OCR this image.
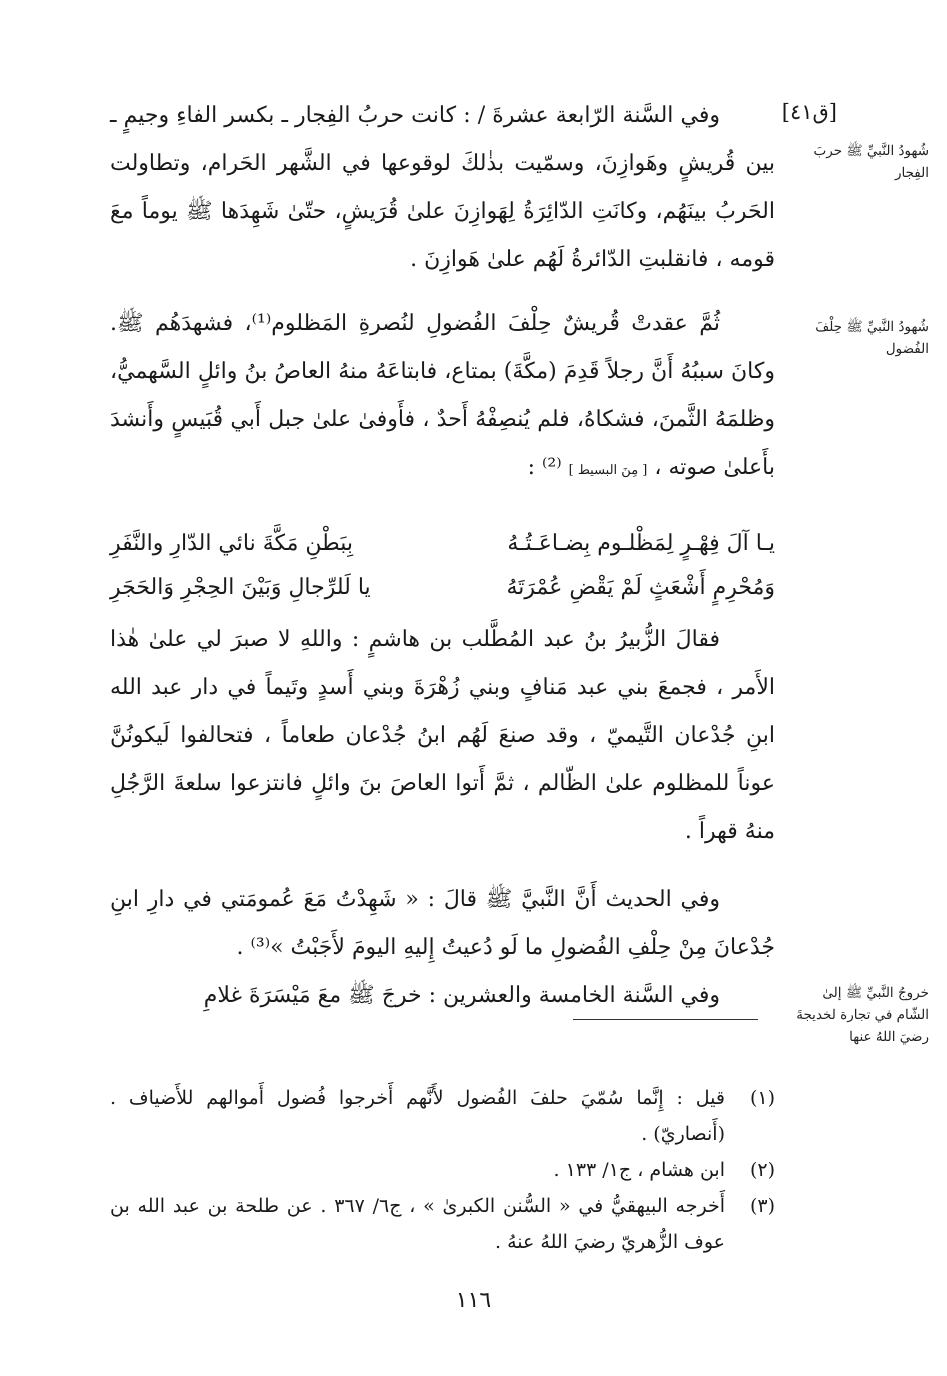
[ق٤١]
شُهودُ النَّبيِّ ﷺ حربَ الفِجار
شُهودُ النَّبيِّ ﷺ حِلْفَ الفُضول
خروجُ النَّبيِّ ﷺ إلىٰ الشّام في تجارة لخديجةَ رضيَ اللهُ عنها

وفي السَّنة الرّابعة عشرةَ / : كانت حربُ الفِجار ـ بكسر الفاءِ وجيمٍ ـ بين قُريشٍ وهَوازِنَ، وسمّيت بذٰلكَ لوقوعها في الشَّهر الحَرام، وتطاولت الحَربُ بينَهُم، وكانَتِ الدّائِرَةُ لِهَوازِنَ علىٰ قُرَيشٍ، حتّىٰ شَهِدَها ﷺ يوماً معَ قومه ، فانقلبتِ الدّائرةُ لَهُم علىٰ هَوازِنَ .

ثُمَّ عقدتْ قُريشٌ حِلْفَ الفُضولِ لنُصرةِ المَظلوم⁽¹⁾، فشهدَهُم ﷺ. وكانَ سببُهُ أَنَّ رجلاً قَدِمَ (مكَّةَ) بمتاع، فابتاعَهُ منهُ العاصُ بنُ وائلٍ السَّهميُّ، وظلمَهُ الثَّمنَ، فشكاهُ، فلم يُنصِفْهُ أَحدٌ ، فأَوفىٰ علىٰ جبل أَبي قُبَيسٍ وأَنشدَ بأَعلىٰ صوته ، [ مِنَ البسيط ] ⁽²⁾ :

يـا آلَ فِهْـرٍ لِمَظْلـوم بِضـاعَـتُـهُ
بِبَطْنِ مَكَّةَ نائي الدّارِ والنَّفَرِ
وَمُحْرِمٍ أَشْعَثٍ لَمْ يَقْضِ عُمْرَتَهُ
يا لَلرِّجالِ وَبَيْنَ الحِجْرِ وَالحَجَرِ

فقالَ الزُّبيرُ بنُ عبد المُطَّلب بن هاشمٍ : واللهِ لا صبرَ لي علىٰ هٰذا الأَمر ، فجمعَ بني عبد مَنافٍ وبني زُهْرَةَ وبني أَسدٍ وتَيماً في دار عبد الله ابنِ جُدْعان التَّيميّ ، وقد صنعَ لَهُم ابنُ جُدْعان طعاماً ، فتحالفوا لَيكونُنَّ عوناً للمظلوم علىٰ الظّالم ، ثمَّ أَتوا العاصَ بنَ وائلٍ فانتزعوا سلعةَ الرَّجُلِ منهُ قهراً .

وفي الحديث أَنَّ النَّبيَّ ﷺ قالَ : « شَهِدْتُ مَعَ عُمومَتي في دارِ ابنِ جُدْعانَ مِنْ حِلْفِ الفُضولِ ما لَو دُعيتُ إِليهِ اليومَ لأَجَبْتُ »⁽³⁾ .

وفي السَّنة الخامسة والعشرين : خرجَ ﷺ معَ مَيْسَرَةَ غلامِ

(١)
قيل : إِنَّما سُمّيَ حلفَ الفُضول لأَنَّهم أَخرجوا فُضول أَموالهم للأَضياف . (أَنصاريّ) .
(٢)
ابن هشام ، ج١/ ١٣٣ .
(٣)
أَخرجه البيهقيُّ في « السُّنن الكبرىٰ » ، ج٦/ ٣٦٧ . عن طلحة بن عبد الله بن عوف الزُّهريّ رضيَ اللهُ عنهُ .
١١٦
